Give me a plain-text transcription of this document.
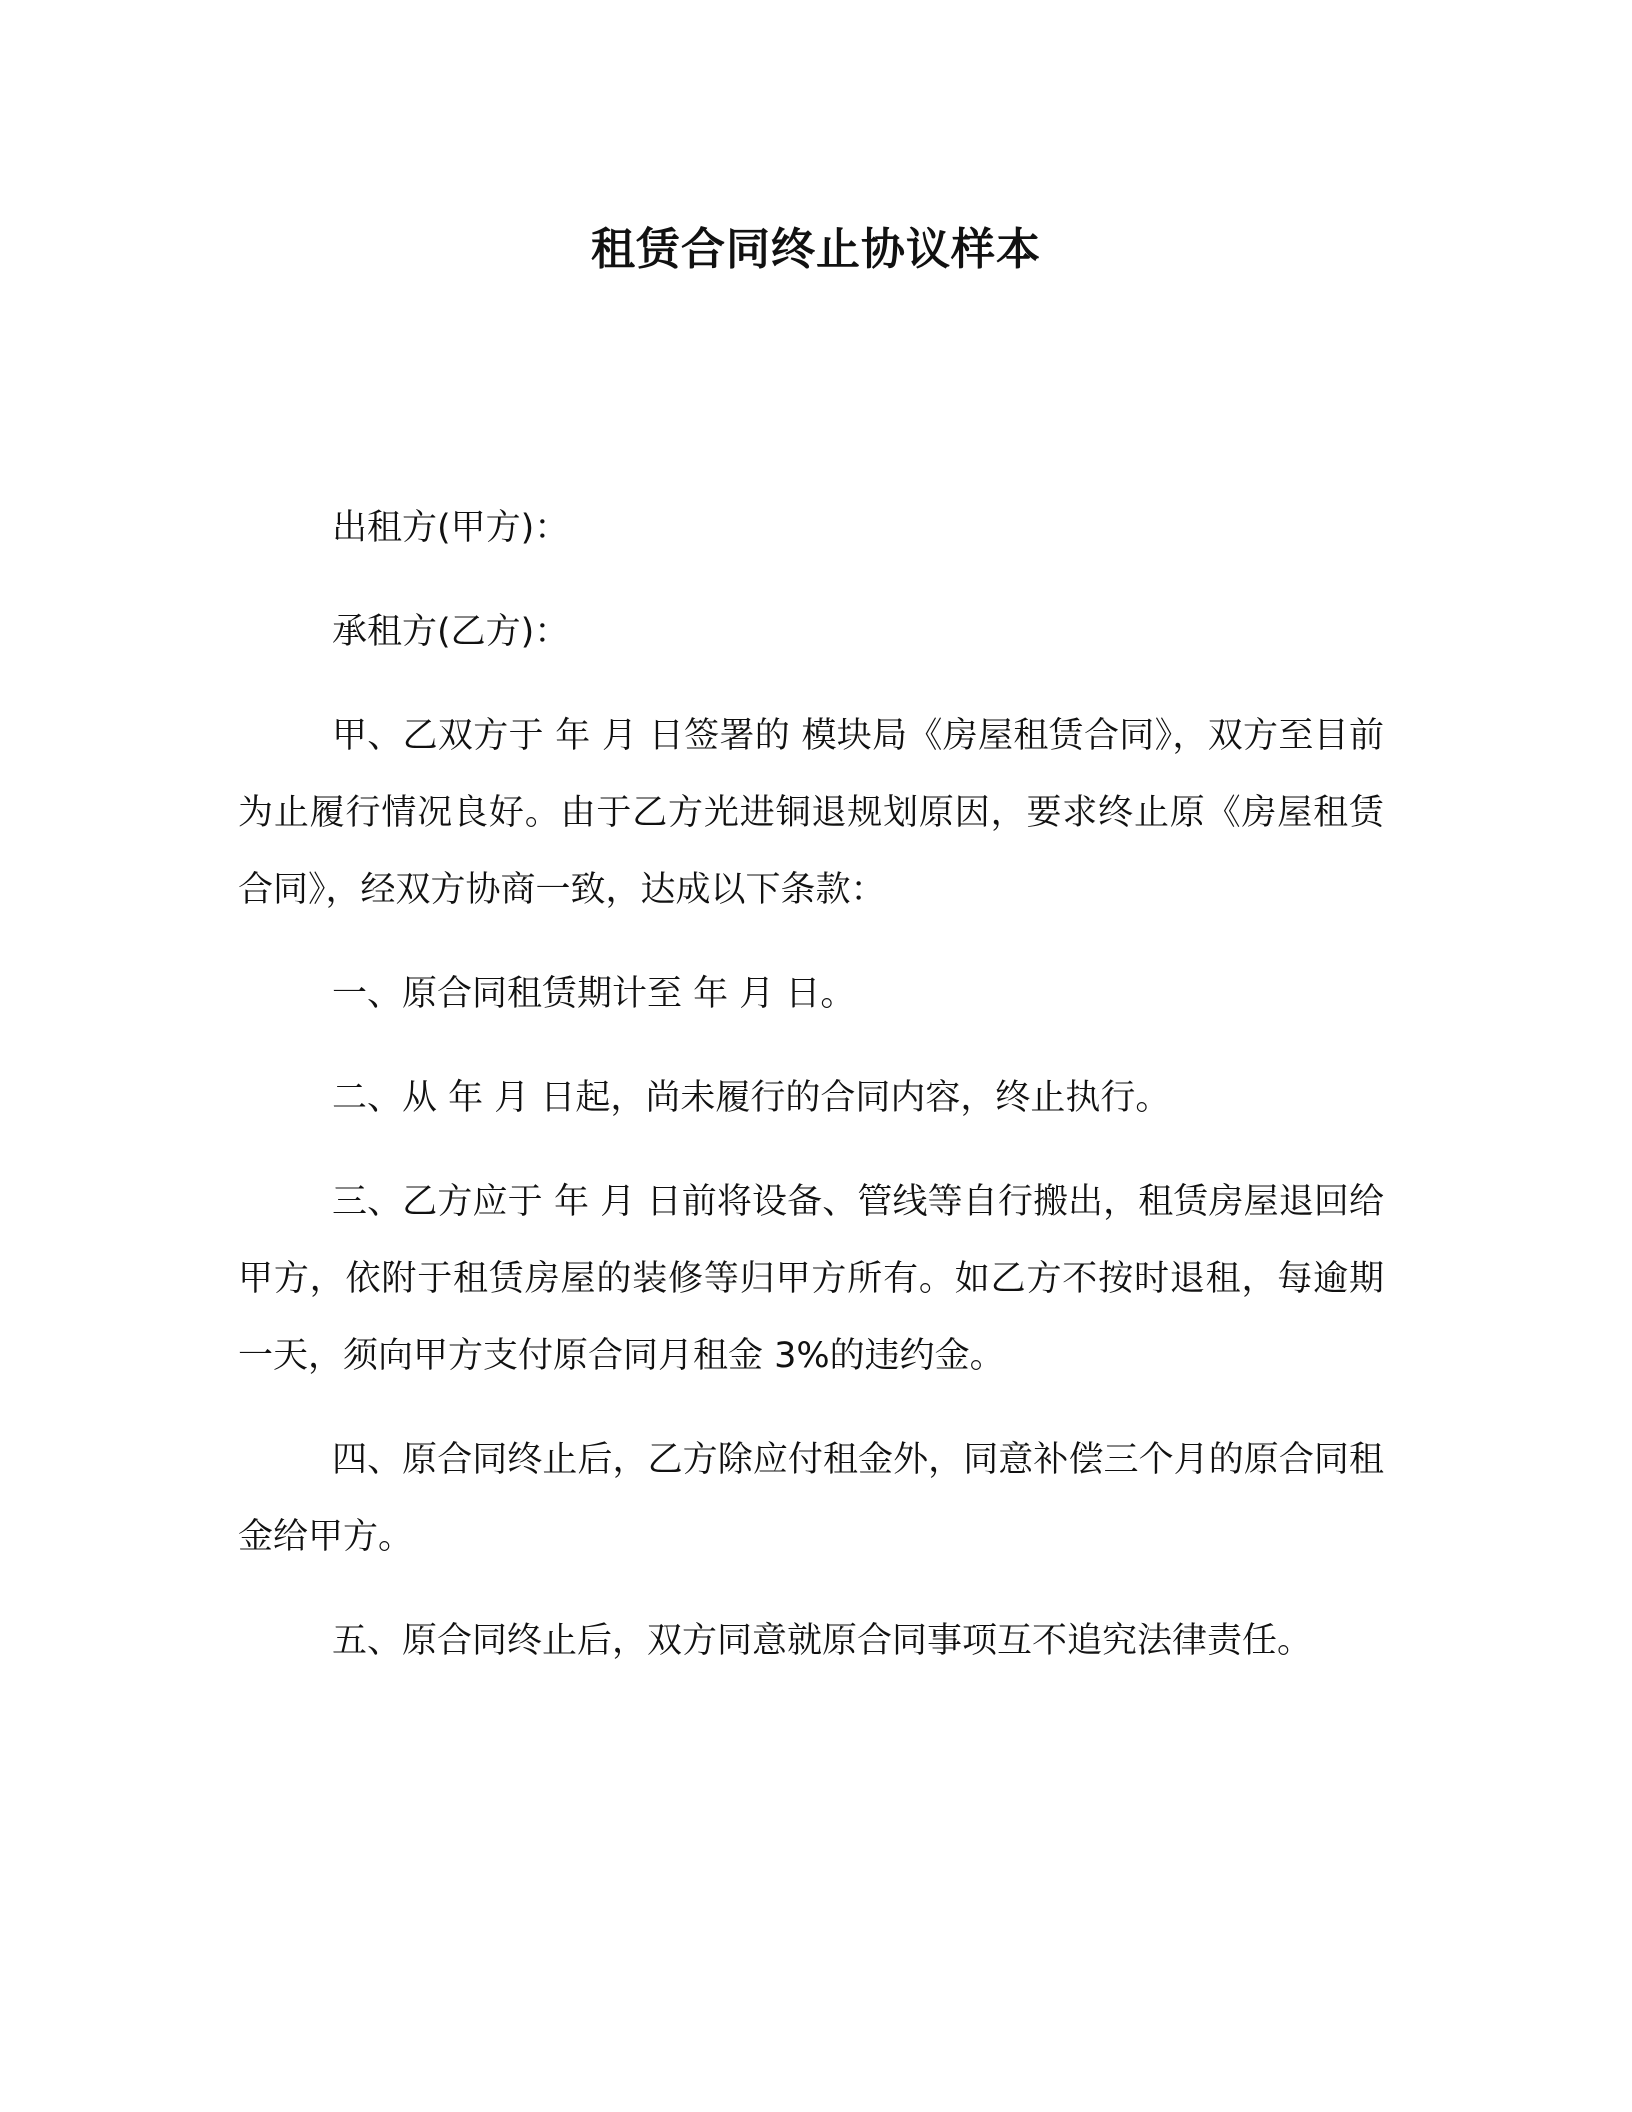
租赁合同终止协议样本

出租方(甲方)：

承租方(乙方)：

甲、乙双方于 年 月 日签署的 模块局《房屋租赁合同》，双方至目前为止履行情况良好。由于乙方光进铜退规划原因，要求终止原《房屋租赁合同》，经双方协商一致，达成以下条款：

一、原合同租赁期计至 年 月 日。

二、从 年 月 日起，尚未履行的合同内容，终止执行。

三、乙方应于 年 月 日前将设备、管线等自行搬出，租赁房屋退回给甲方，依附于租赁房屋的装修等归甲方所有。如乙方不按时退租，每逾期一天，须向甲方支付原合同月租金 3%的违约金。

四、原合同终止后，乙方除应付租金外，同意补偿三个月的原合同租金给甲方。

五、原合同终止后，双方同意就原合同事项互不追究法律责任。
